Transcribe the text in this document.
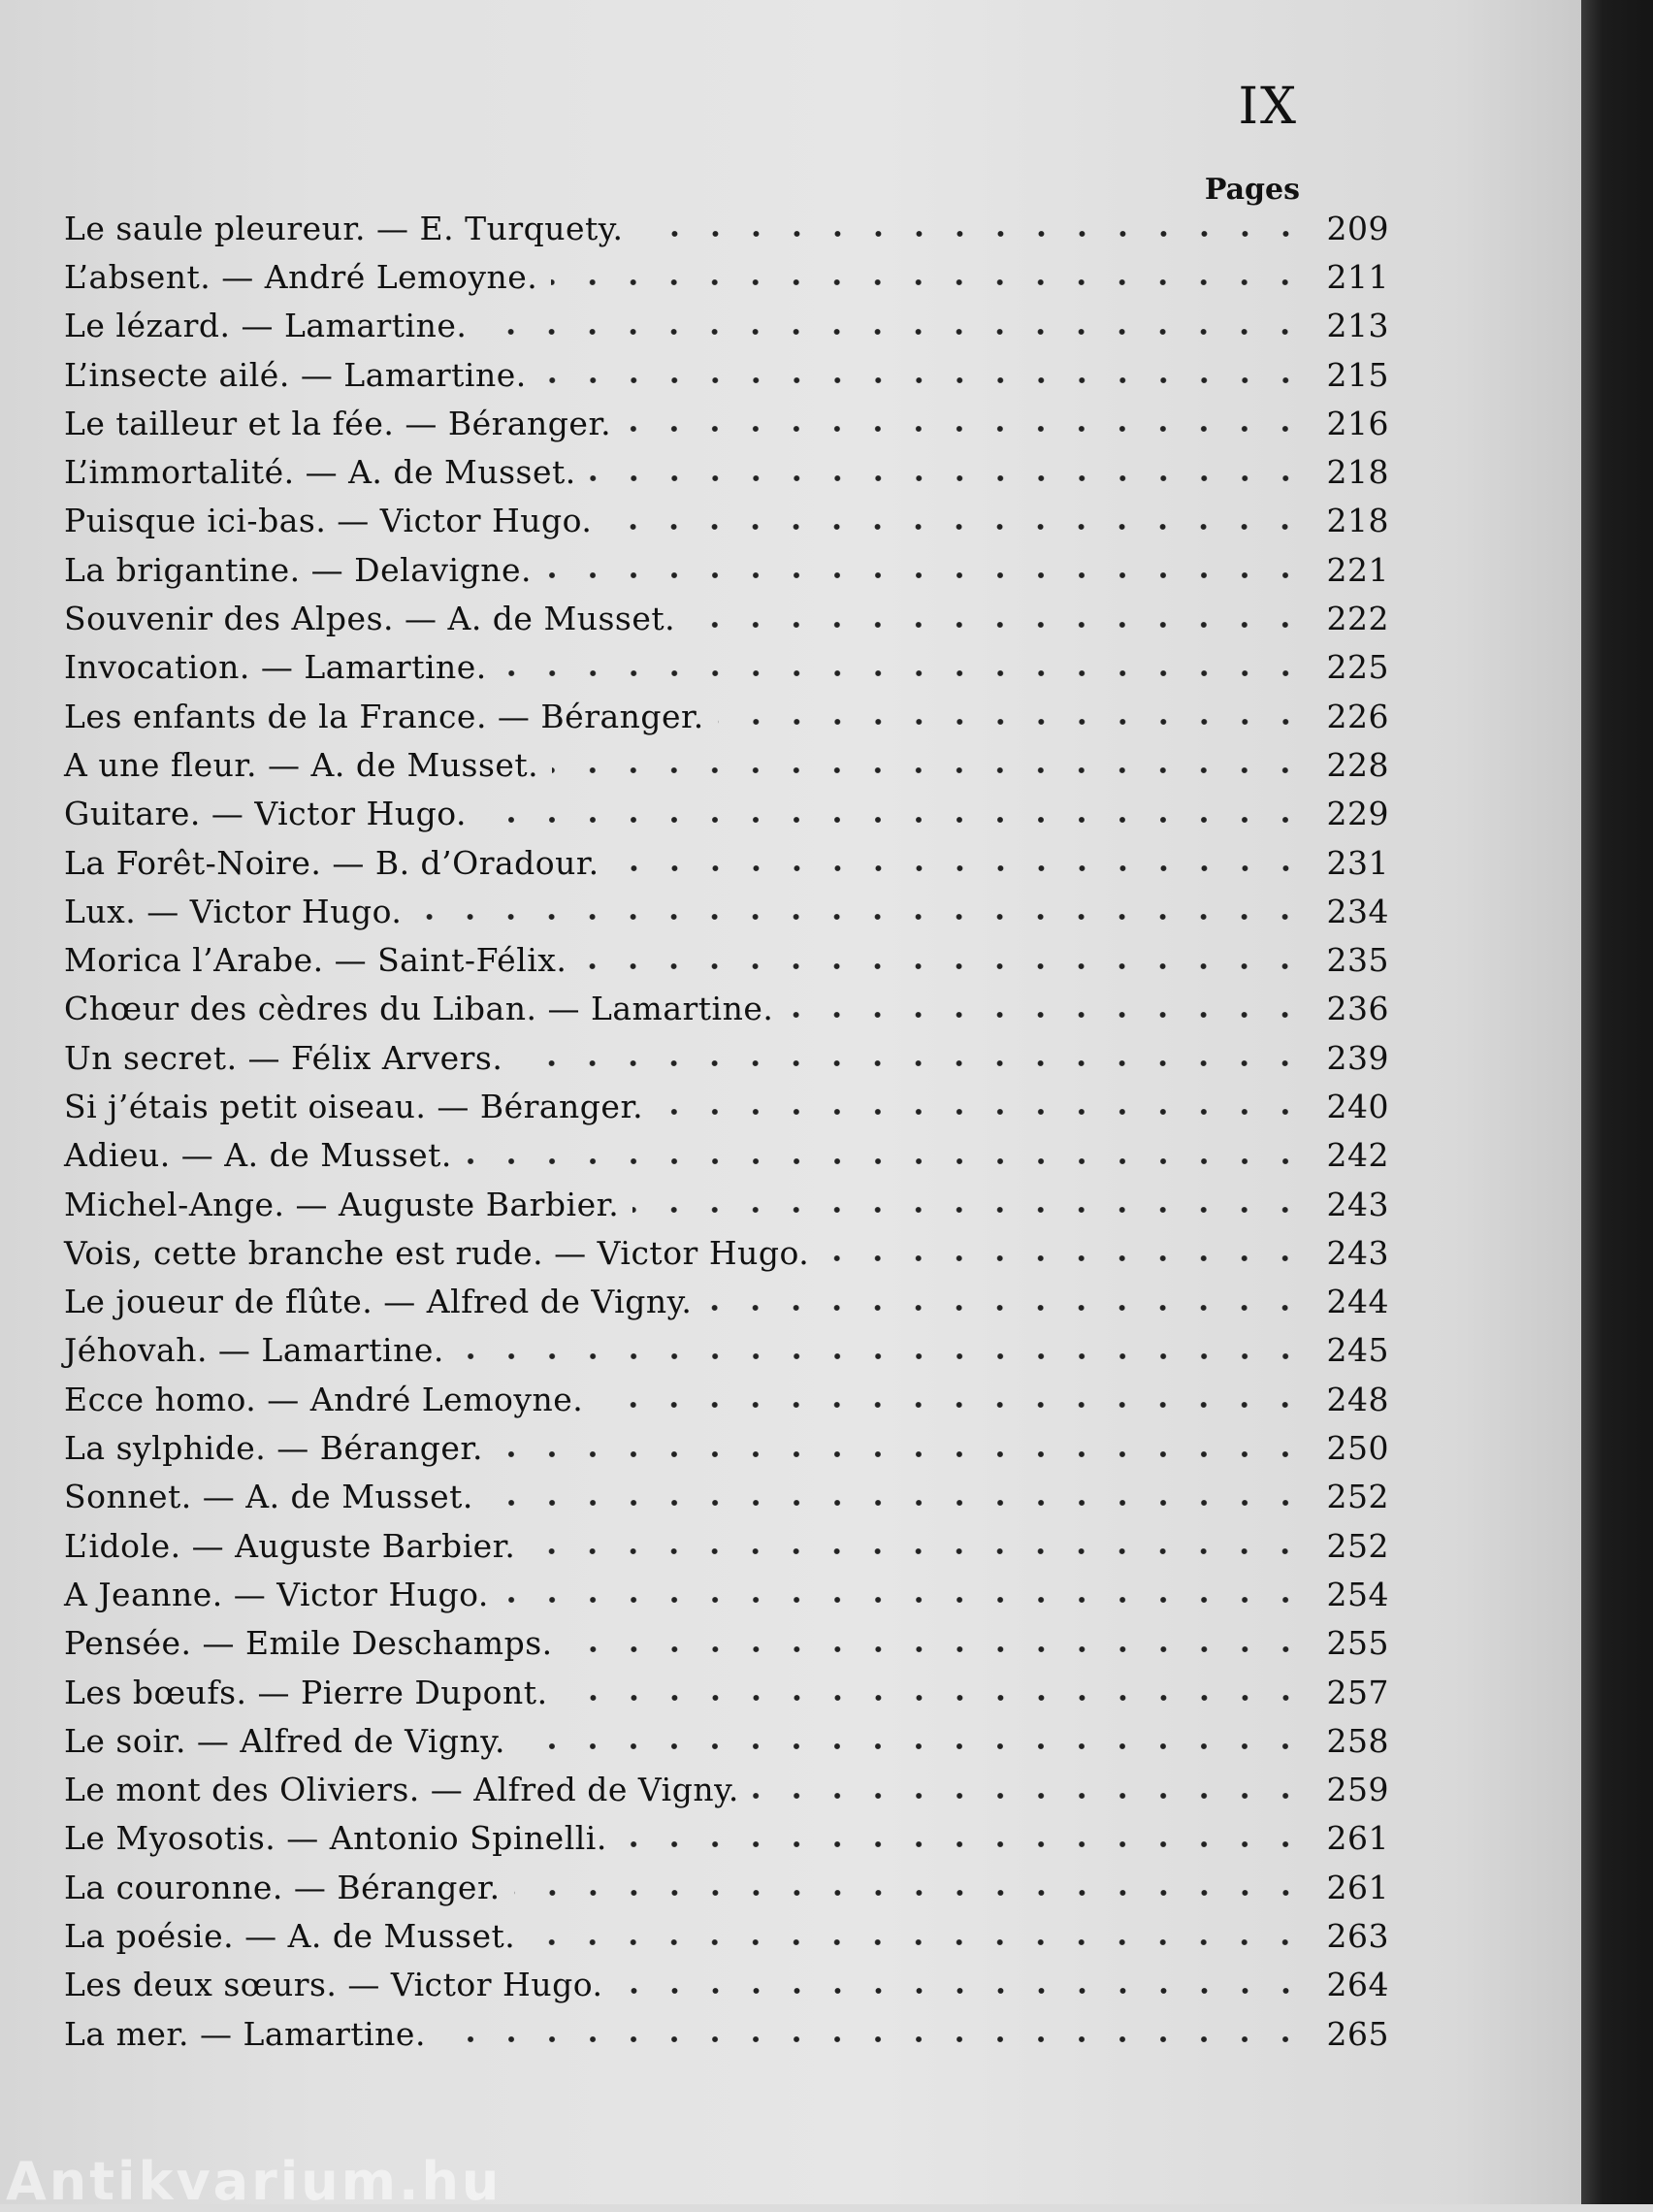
IX
Pages
Le saule pleureur. — E. Turquety.	209
L’absent. — André Lemoyne.	211
Le lézard. — Lamartine.	213
L’insecte ailé. — Lamartine.	215
Le tailleur et la fée. — Béranger.	216
L’immortalité. — A. de Musset.	218
Puisque ici-bas. — Victor Hugo.	218
La brigantine. — Delavigne.	221
Souvenir des Alpes. — A. de Musset.	222
Invocation. — Lamartine.	225
Les enfants de la France. — Béranger.	226
A une fleur. — A. de Musset.	228
Guitare. — Victor Hugo.	229
La Forêt-Noire. — B. d’Oradour.	231
Lux. — Victor Hugo.	234
Morica l’Arabe. — Saint-Félix.	235
Chœur des cèdres du Liban. — Lamartine.	236
Un secret. — Félix Arvers.	239
Si j’étais petit oiseau. — Béranger.	240
Adieu. — A. de Musset.	242
Michel-Ange. — Auguste Barbier.	243
Vois, cette branche est rude. — Victor Hugo.	243
Le joueur de flûte. — Alfred de Vigny.	244
Jéhovah. — Lamartine.	245
Ecce homo. — André Lemoyne.	248
La sylphide. — Béranger.	250
Sonnet. — A. de Musset.	252
L’idole. — Auguste Barbier.	252
A Jeanne. — Victor Hugo.	254
Pensée. — Emile Deschamps.	255
Les bœufs. — Pierre Dupont.	257
Le soir. — Alfred de Vigny.	258
Le mont des Oliviers. — Alfred de Vigny.	259
Le Myosotis. — Antonio Spinelli.	261
La couronne. — Béranger.	261
La poésie. — A. de Musset.	263
Les deux sœurs. — Victor Hugo.	264
La mer. — Lamartine.	265
Antikvarium.hu
